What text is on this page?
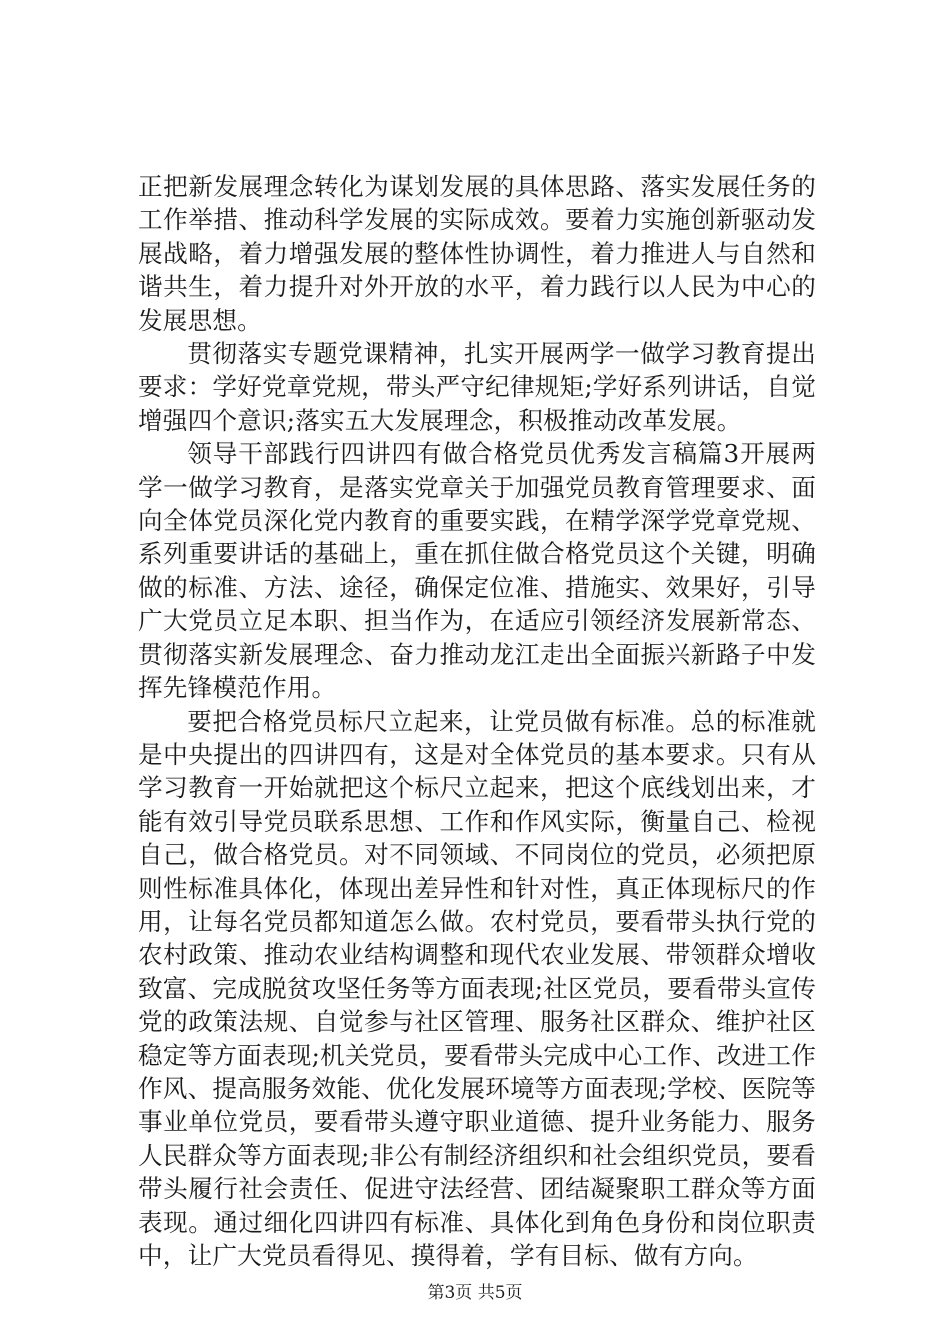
正把新发展理念转化为谋划发展的具体思路、落实发展任务的工作举措、推动科学发展的实际成效。要着力实施创新驱动发展战略，着力增强发展的整体性协调性，着力推进人与自然和谐共生，着力提升对外开放的水平，着力践行以人民为中心的发展思想。

贯彻落实专题党课精神，扎实开展两学一做学习教育提出要求：学好党章党规，带头严守纪律规矩;学好系列讲话，自觉增强四个意识;落实五大发展理念，积极推动改革发展。

领导干部践行四讲四有做合格党员优秀发言稿篇3开展两学一做学习教育，是落实党章关于加强党员教育管理要求、面向全体党员深化党内教育的重要实践，在精学深学党章党规、系列重要讲话的基础上，重在抓住做合格党员这个关键，明确做的标准、方法、途径，确保定位准、措施实、效果好，引导广大党员立足本职、担当作为，在适应引领经济发展新常态、贯彻落实新发展理念、奋力推动龙江走出全面振兴新路子中发挥先锋模范作用。

要把合格党员标尺立起来，让党员做有标准。总的标准就是中央提出的四讲四有，这是对全体党员的基本要求。只有从学习教育一开始就把这个标尺立起来，把这个底线划出来，才能有效引导党员联系思想、工作和作风实际，衡量自己、检视自己，做合格党员。对不同领域、不同岗位的党员，必须把原则性标准具体化，体现出差异性和针对性，真正体现标尺的作用，让每名党员都知道怎么做。农村党员，要看带头执行党的农村政策、推动农业结构调整和现代农业发展、带领群众增收致富、完成脱贫攻坚任务等方面表现;社区党员，要看带头宣传党的政策法规、自觉参与社区管理、服务社区群众、维护社区稳定等方面表现;机关党员，要看带头完成中心工作、改进工作作风、提高服务效能、优化发展环境等方面表现;学校、医院等事业单位党员，要看带头遵守职业道德、提升业务能力、服务人民群众等方面表现;非公有制经济组织和社会组织党员，要看带头履行社会责任、促进守法经营、团结凝聚职工群众等方面表现。通过细化四讲四有标准、具体化到角色身份和岗位职责中，让广大党员看得见、摸得着，学有目标、做有方向。

第3页 共5页
